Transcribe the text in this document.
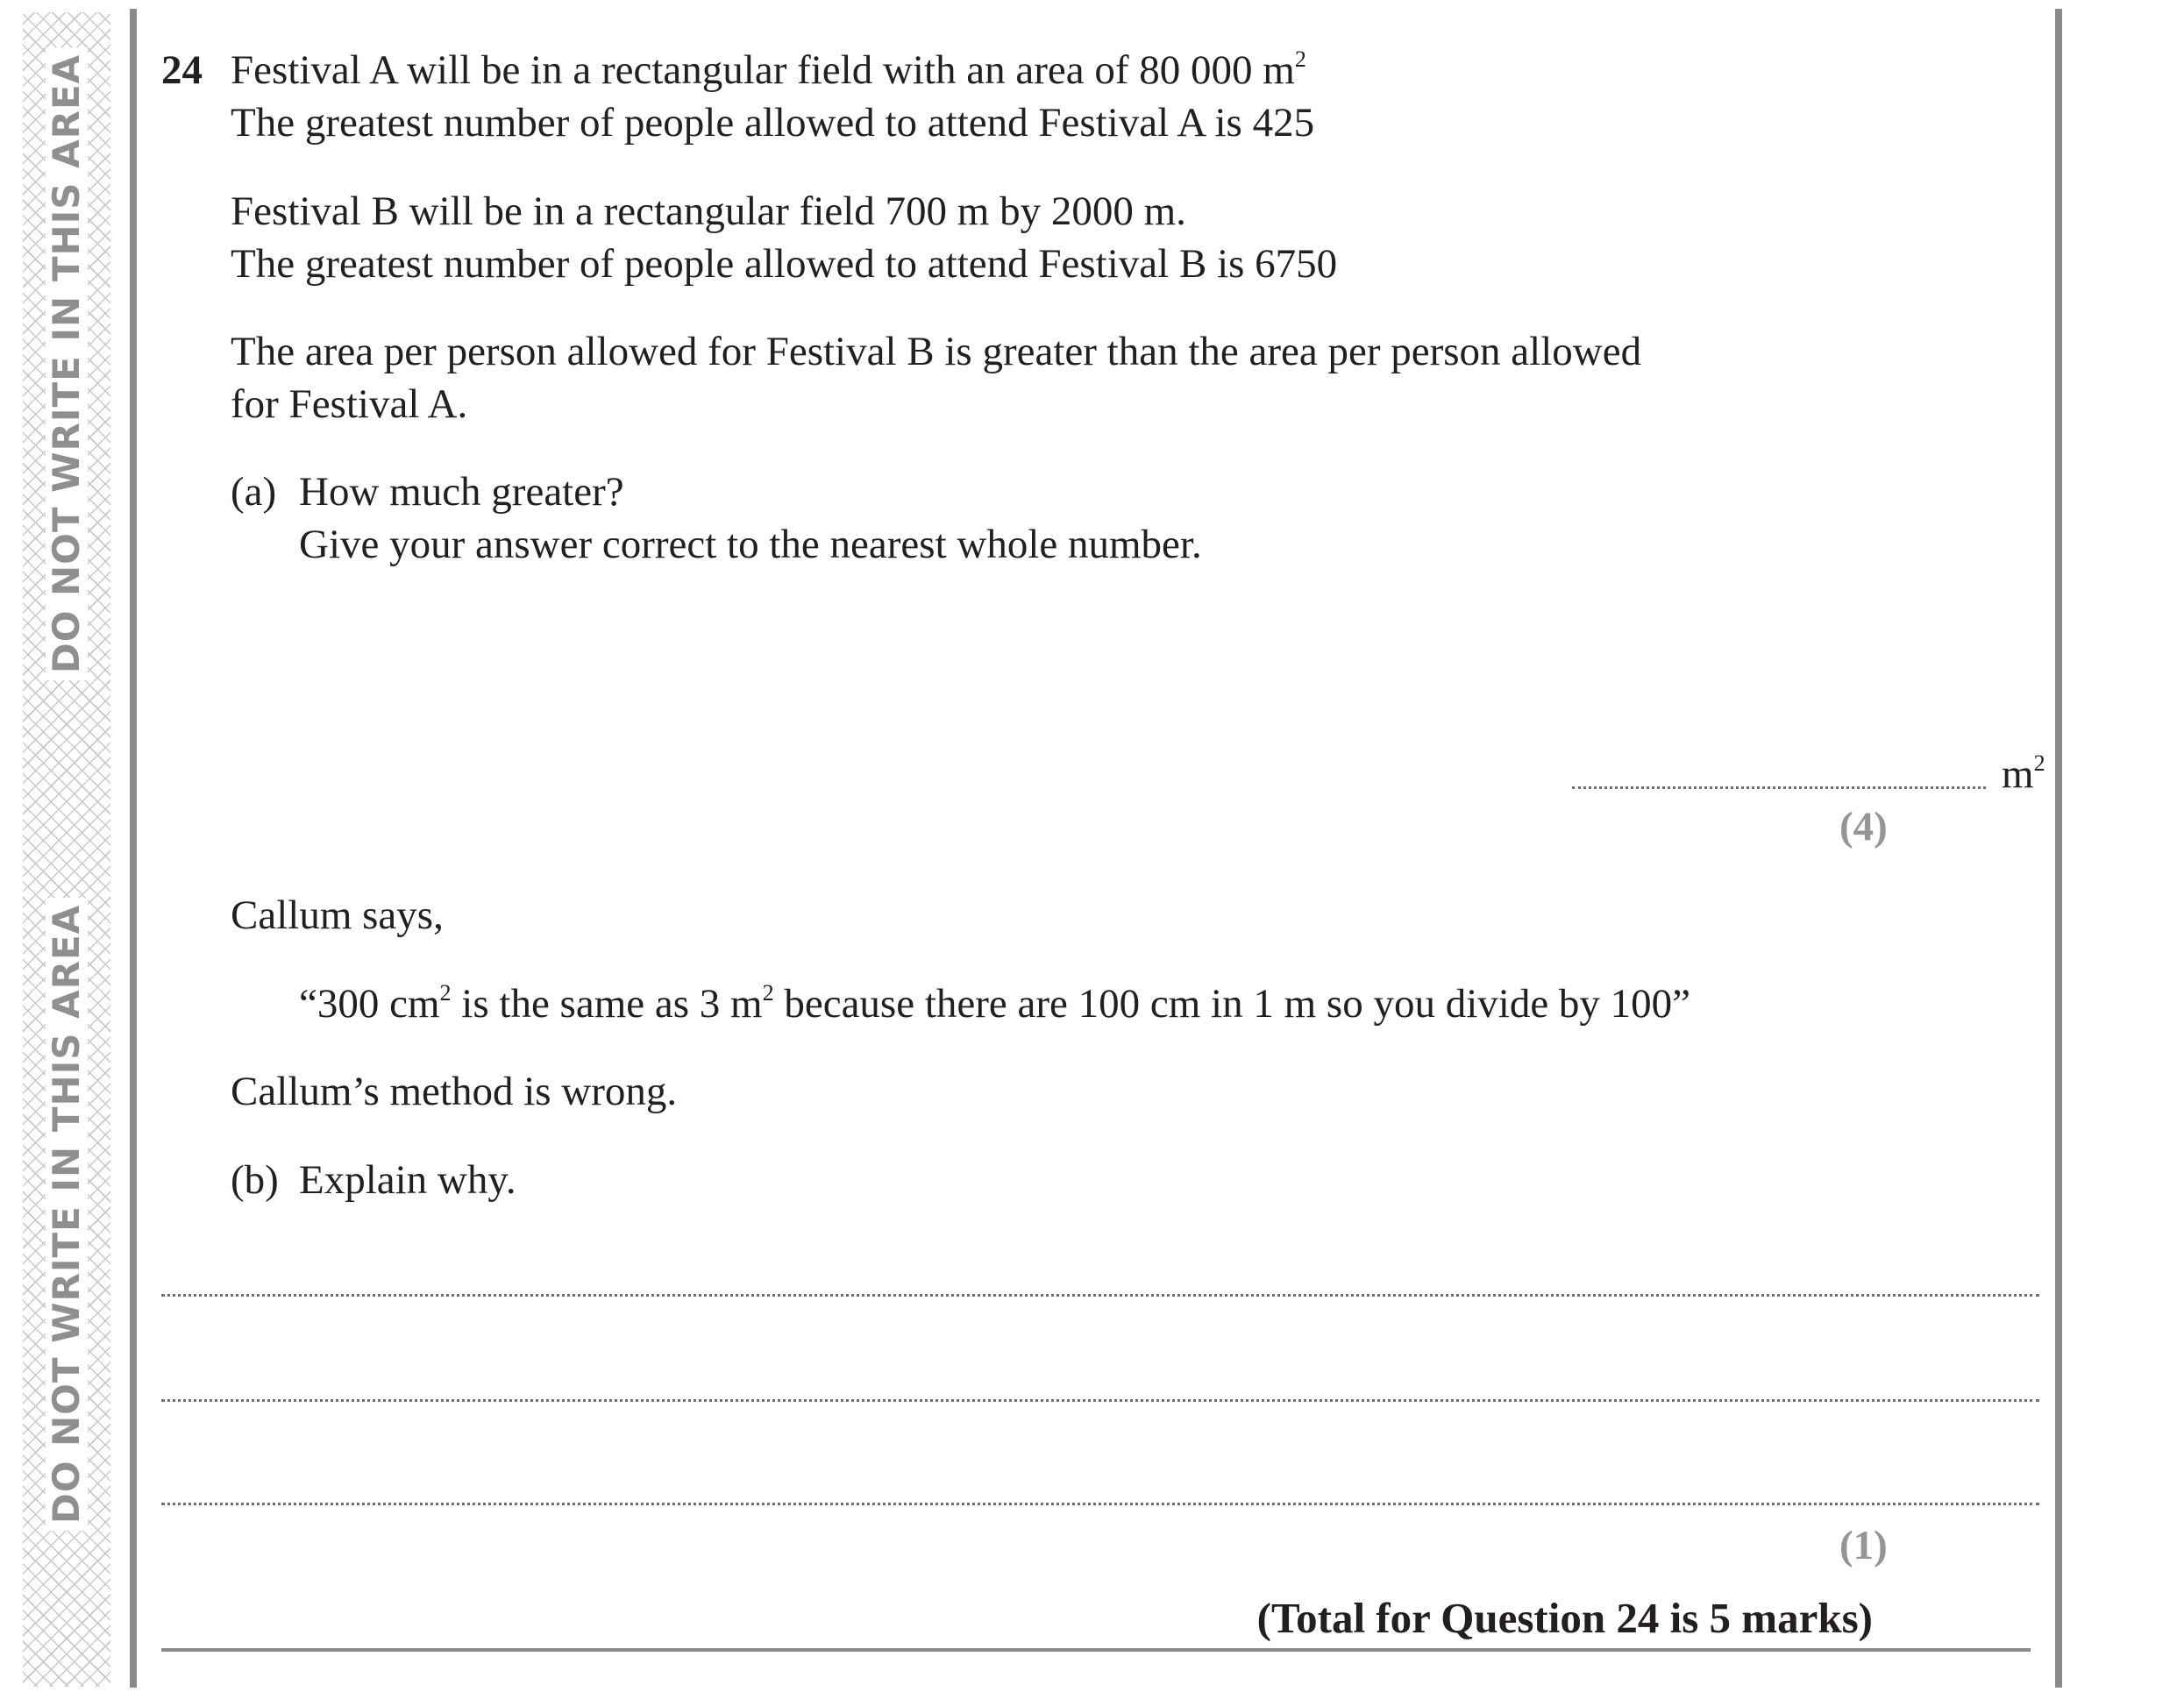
DO NOT WRITE IN THIS AREA
DO NOT WRITE IN THIS AREA
24 Festival A will be in a rectangular field with an area of 80 000 $m^2$
The greatest number of people allowed to attend Festival A is 425
Festival B will be in a rectangular field 700 m by 2000 m.
The greatest number of people allowed to attend Festival B is 6750
The area per person allowed for Festival B is greater than the area per person allowed
for Festival A.
(a) How much greater?
Give your answer correct to the nearest whole number.
$m^2$
(4)
Callum says,
“300 $cm^2$ is the same as 3 $m^2$ because there are 100 cm in 1 m so you divide by 100”
Callum’s method is wrong.
(b) Explain why.
(1)
(Total for Question 24 is 5 marks)
